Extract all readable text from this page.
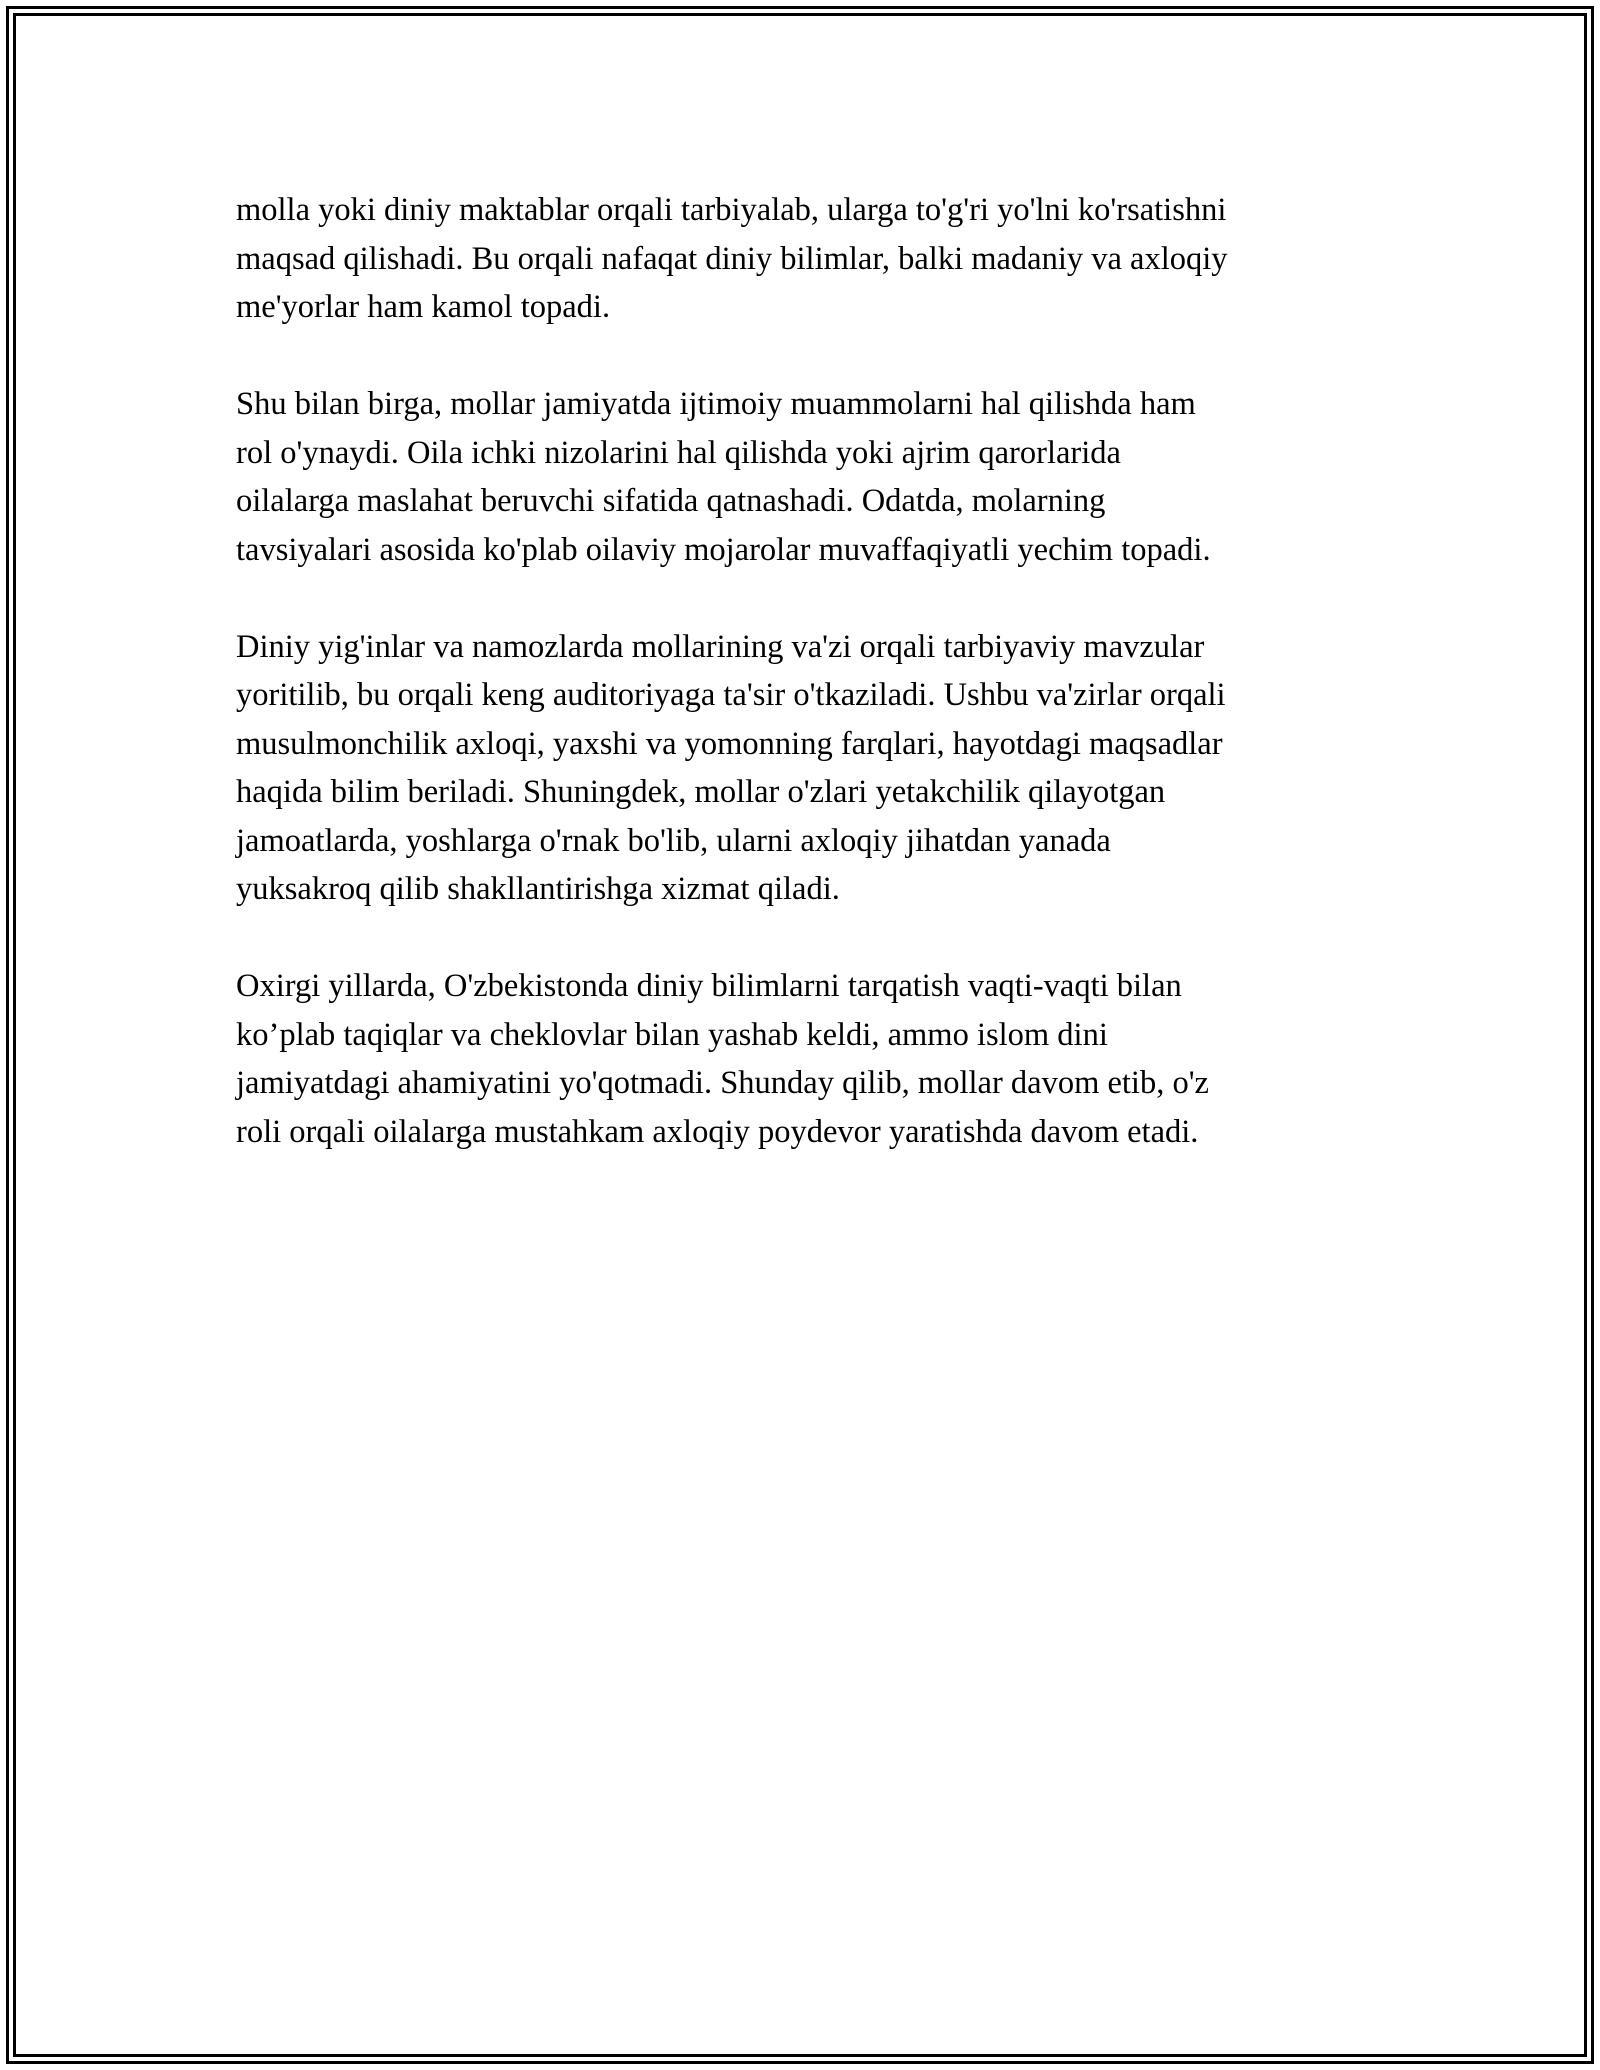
molla yoki diniy maktablar orqali tarbiyalab, ularga to'g'ri yo'lni ko'rsatishni
maqsad qilishadi. Bu orqali nafaqat diniy bilimlar, balki madaniy va axloqiy
me'yorlar ham kamol topadi.

Shu bilan birga, mollar jamiyatda ijtimoiy muammolarni hal qilishda ham
rol o'ynaydi. Oila ichki nizolarini hal qilishda yoki ajrim qarorlarida
oilalarga maslahat beruvchi sifatida qatnashadi. Odatda, molarning
tavsiyalari asosida ko'plab oilaviy mojarolar muvaffaqiyatli yechim topadi.

Diniy yig'inlar va namozlarda mollarining va'zi orqali tarbiyaviy mavzular
yoritilib, bu orqali keng auditoriyaga ta'sir o'tkaziladi. Ushbu va'zirlar orqali
musulmonchilik axloqi, yaxshi va yomonning farqlari, hayotdagi maqsadlar
haqida bilim beriladi. Shuningdek, mollar o'zlari yetakchilik qilayotgan
jamoatlarda, yoshlarga o'rnak bo'lib, ularni axloqiy jihatdan yanada
yuksakroq qilib shakllantirishga xizmat qiladi.

Oxirgi yillarda, O'zbekistonda diniy bilimlarni tarqatish vaqti-vaqti bilan
ko’plab taqiqlar va cheklovlar bilan yashab keldi, ammo islom dini
jamiyatdagi ahamiyatini yo'qotmadi. Shunday qilib, mollar davom etib, o'z
roli orqali oilalarga mustahkam axloqiy poydevor yaratishda davom etadi.
